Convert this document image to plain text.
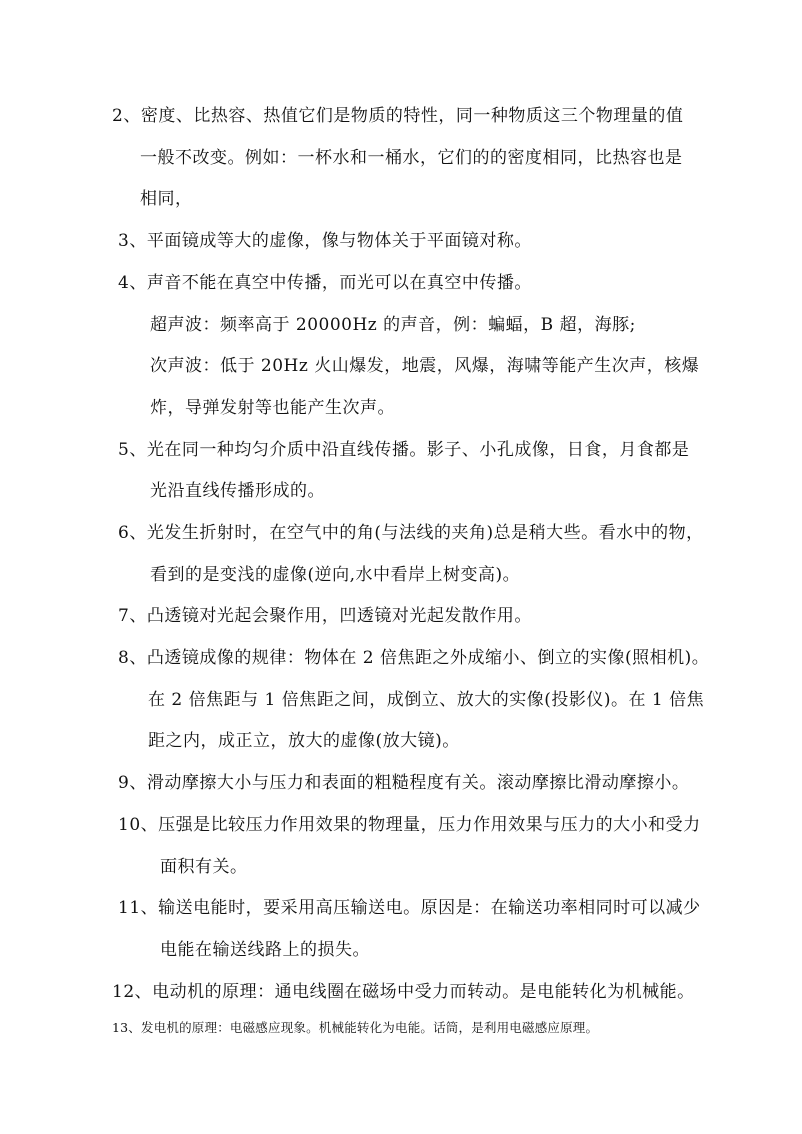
2、密度、比热容、热值它们是物质的特性，同一种物质这三个物理量的值
一般不改变。例如：一杯水和一桶水，它们的的密度相同，比热容也是
相同，
3、平面镜成等大的虚像，像与物体关于平面镜对称。
4、声音不能在真空中传播，而光可以在真空中传播。
超声波：频率高于 20000Hz 的声音，例：蝙蝠，B 超，海豚;
次声波：低于 20Hz 火山爆发，地震，风爆，海啸等能产生次声，核爆
炸，导弹发射等也能产生次声。
5、光在同一种均匀介质中沿直线传播。影子、小孔成像，日食，月食都是
光沿直线传播形成的。
6、光发生折射时，在空气中的角(与法线的夹角)总是稍大些。看水中的物，
看到的是变浅的虚像(逆向,水中看岸上树变高)。
7、凸透镜对光起会聚作用，凹透镜对光起发散作用。
8、凸透镜成像的规律：物体在 2 倍焦距之外成缩小、倒立的实像(照相机)。
在 2 倍焦距与 1 倍焦距之间，成倒立、放大的实像(投影仪)。在 1 倍焦
距之内，成正立，放大的虚像(放大镜)。
9、滑动摩擦大小与压力和表面的粗糙程度有关。滚动摩擦比滑动摩擦小。
10、压强是比较压力作用效果的物理量，压力作用效果与压力的大小和受力
面积有关。
11、输送电能时，要采用高压输送电。原因是：在输送功率相同时可以减少
电能在输送线路上的损失。
12、电动机的原理：通电线圈在磁场中受力而转动。是电能转化为机械能。
13、发电机的原理：电磁感应现象。机械能转化为电能。话筒，是利用电磁感应原理。
